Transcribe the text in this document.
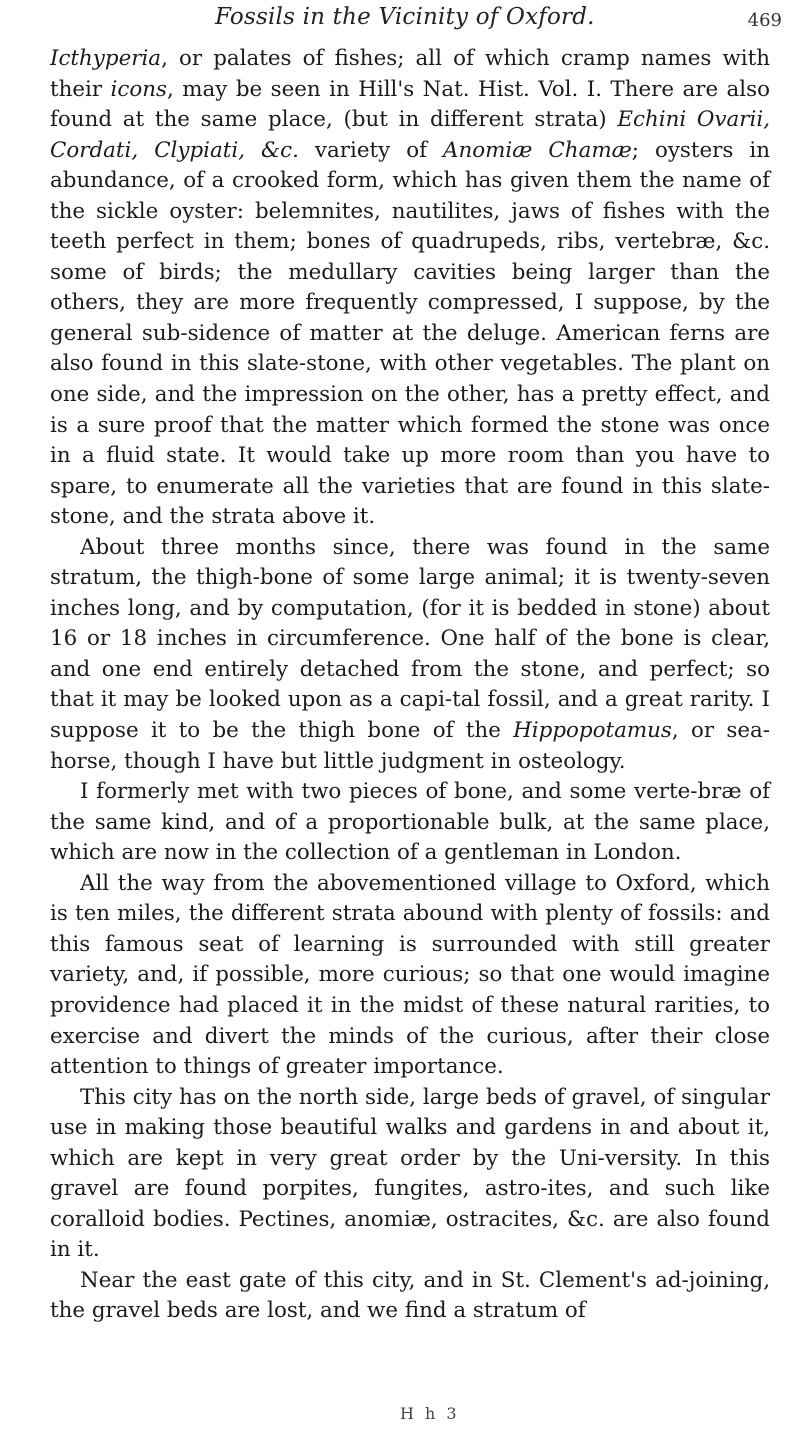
Fossils in the Vicinity of Oxford.	469

Icthyperia, or palates of fishes; all of which cramp names with their icons, may be seen in Hill's Nat. Hist. Vol. I. There are also found at the same place, (but in different strata) Echini Ovarii, Cordati, Clypiati, &c. variety of Anomiæ Chamæ; oysters in abundance, of a crooked form, which has given them the name of the sickle oyster: belemnites, nautilites, jaws of fishes with the teeth perfect in them; bones of quadrupeds, ribs, vertebræ, &c. some of birds; the medullary cavities being larger than the others, they are more frequently compressed, I suppose, by the general sub-sidence of matter at the deluge. American ferns are also found in this slate-stone, with other vegetables. The plant on one side, and the impression on the other, has a pretty effect, and is a sure proof that the matter which formed the stone was once in a fluid state. It would take up more room than you have to spare, to enumerate all the varieties that are found in this slate-stone, and the strata above it.

About three months since, there was found in the same stratum, the thigh-bone of some large animal; it is twenty-seven inches long, and by computation, (for it is bedded in stone) about 16 or 18 inches in circumference. One half of the bone is clear, and one end entirely detached from the stone, and perfect; so that it may be looked upon as a capi-tal fossil, and a great rarity. I suppose it to be the thigh bone of the Hippopotamus, or sea-horse, though I have but little judgment in osteology.

I formerly met with two pieces of bone, and some verte-bræ of the same kind, and of a proportionable bulk, at the same place, which are now in the collection of a gentleman in London.

All the way from the abovementioned village to Oxford, which is ten miles, the different strata abound with plenty of fossils: and this famous seat of learning is surrounded with still greater variety, and, if possible, more curious; so that one would imagine providence had placed it in the midst of these natural rarities, to exercise and divert the minds of the curious, after their close attention to things of greater importance.

This city has on the north side, large beds of gravel, of singular use in making those beautiful walks and gardens in and about it, which are kept in very great order by the Uni-versity. In this gravel are found porpites, fungites, astro-ites, and such like coralloid bodies. Pectines, anomiæ, ostracites, &c. are also found in it.

Near the east gate of this city, and in St. Clement's ad-joining, the gravel beds are lost, and we find a stratum of

H h 3
